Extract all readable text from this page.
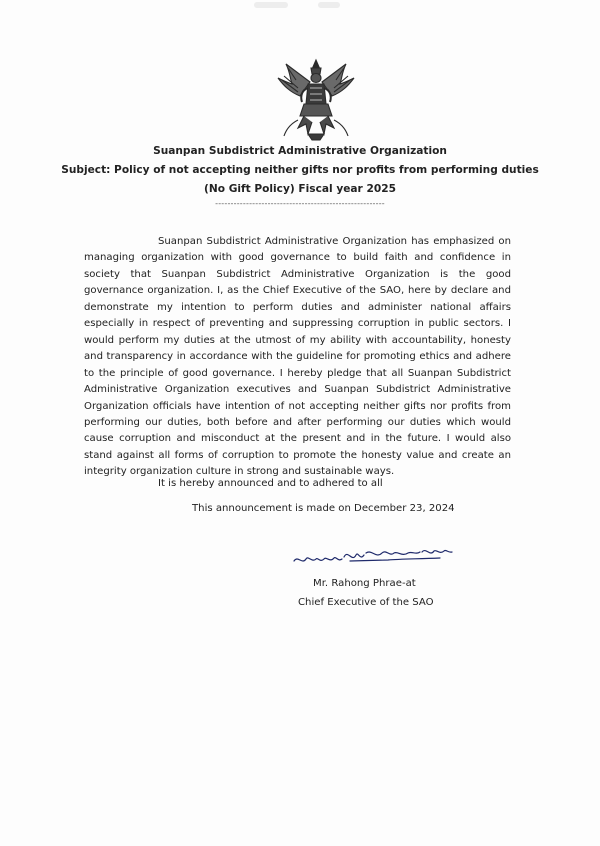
Suanpan Subdistrict Administrative Organization
Subject: Policy of not accepting neither gifts nor profits from performing duties
(No Gift Policy) Fiscal year 2025
-------------------------------------------------------

Suanpan Subdistrict Administrative Organization has emphasized on managing organization with good governance to build faith and confidence in society that Suanpan Subdistrict Administrative Organization is the good governance organization. I, as the Chief Executive of the SAO, here by declare and demonstrate my intention to perform duties and administer national affairs especially in respect of preventing and suppressing corruption in public sectors. I would perform my duties at the utmost of my ability with accountability, honesty and transparency in accordance with the guideline for promoting ethics and adhere to the principle of good governance. I hereby pledge that all Suanpan Subdistrict Administrative Organization executives and Suanpan Subdistrict Administrative Organization officials have intention of not accepting neither gifts nor profits from performing our duties, both before and after performing our duties which would cause corruption and misconduct at the present and in the future. I would also stand against all forms of corruption to promote the honesty value and create an integrity organization culture in strong and sustainable ways.

It is hereby announced and to adhered to all
This announcement is made on December 23, 2024
Mr. Rahong Phrae-at
Chief Executive of the SAO
